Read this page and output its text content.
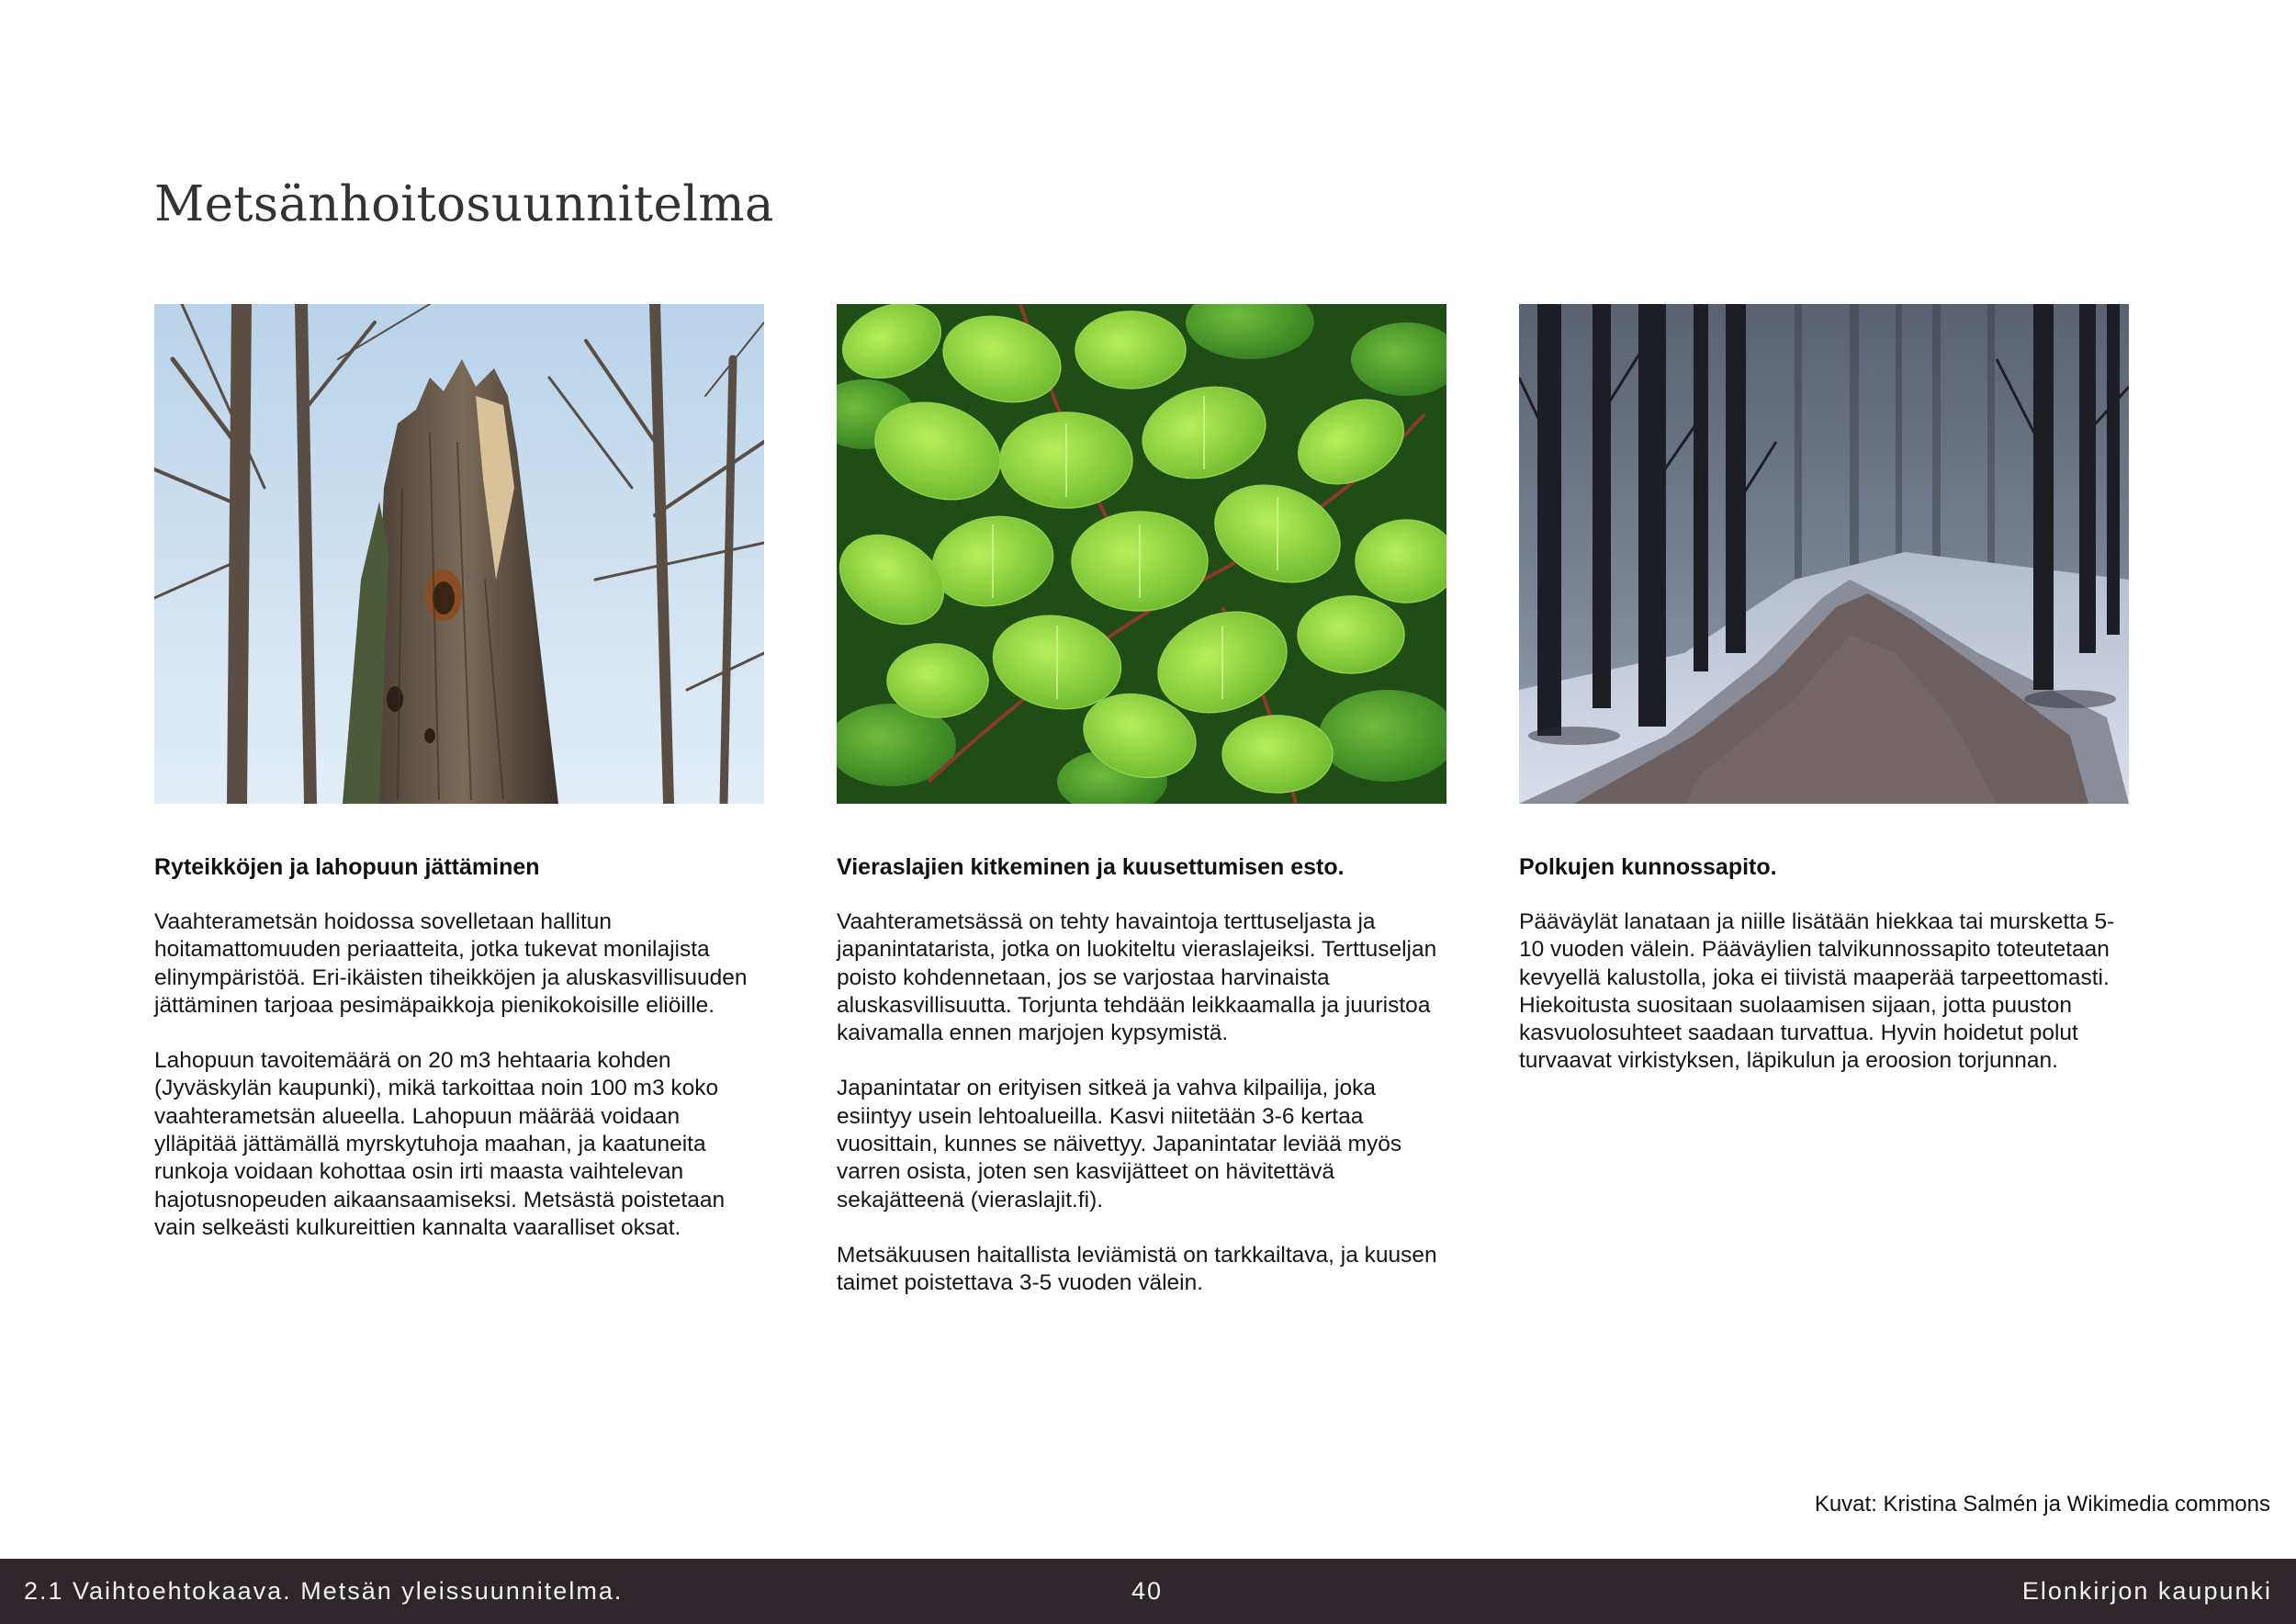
Metsänhoitosuunnitelma
Ryteikköjen ja lahopuun jättäminen

Vaahterametsän hoidossa sovelletaan hallitun hoitamattomuuden periaatteita, jotka tukevat monilajista elinympäristöä. Eri-ikäisten tiheikköjen ja aluskasvillisuuden jättäminen tarjoaa pesimäpaikkoja pienikokoisille eliöille.

Lahopuun tavoitemäärä on 20 m3 hehtaaria kohden (Jyväskylän kaupunki), mikä tarkoittaa noin 100 m3 koko vaahterametsän alueella. Lahopuun määrää voidaan ylläpitää jättämällä myrskytuhoja maahan, ja kaatuneita runkoja voidaan kohottaa osin irti maasta vaihtelevan hajotusnopeuden aikaansaamiseksi. Metsästä poistetaan vain selkeästi kulkureittien kannalta vaaralliset oksat.

Vieraslajien kitkeminen ja kuusettumisen esto.

Vaahterametsässä on tehty havaintoja terttuseljasta ja japanintatarista, jotka on luokiteltu vieraslajeiksi. Terttuseljan poisto kohdennetaan, jos se varjostaa harvinaista aluskasvillisuutta. Torjunta tehdään leikkaamalla ja juuristoa kaivamalla ennen marjojen kypsymistä.

Japanintatar on erityisen sitkeä ja vahva kilpailija, joka esiintyy usein lehtoalueilla. Kasvi niitetään 3-6 kertaa vuosittain, kunnes se näivettyy. Japanintatar leviää myös varren osista, joten sen kasvijätteet on hävitettävä sekajätteenä (vieraslajit.fi).

Metsäkuusen haitallista leviämistä on tarkkailtava, ja kuusen taimet poistettava 3-5 vuoden välein.

Polkujen kunnossapito.

Pääväylät lanataan ja niille lisätään hiekkaa tai mursketta 5-10 vuoden välein. Pääväylien talvikunnossapito toteutetaan kevyellä kalustolla, joka ei tiivistä maaperää tarpeettomasti. Hiekoitusta suositaan suolaamisen sijaan, jotta puuston kasvuolosuhteet saadaan turvattua. Hyvin hoidetut polut turvaavat virkistyksen, läpikulun ja eroosion torjunnan.

Kuvat: Kristina Salmén ja Wikimedia commons
2.1 Vaihtoehtokaava. Metsän yleissuunnitelma.	40	Elonkirjon kaupunki
